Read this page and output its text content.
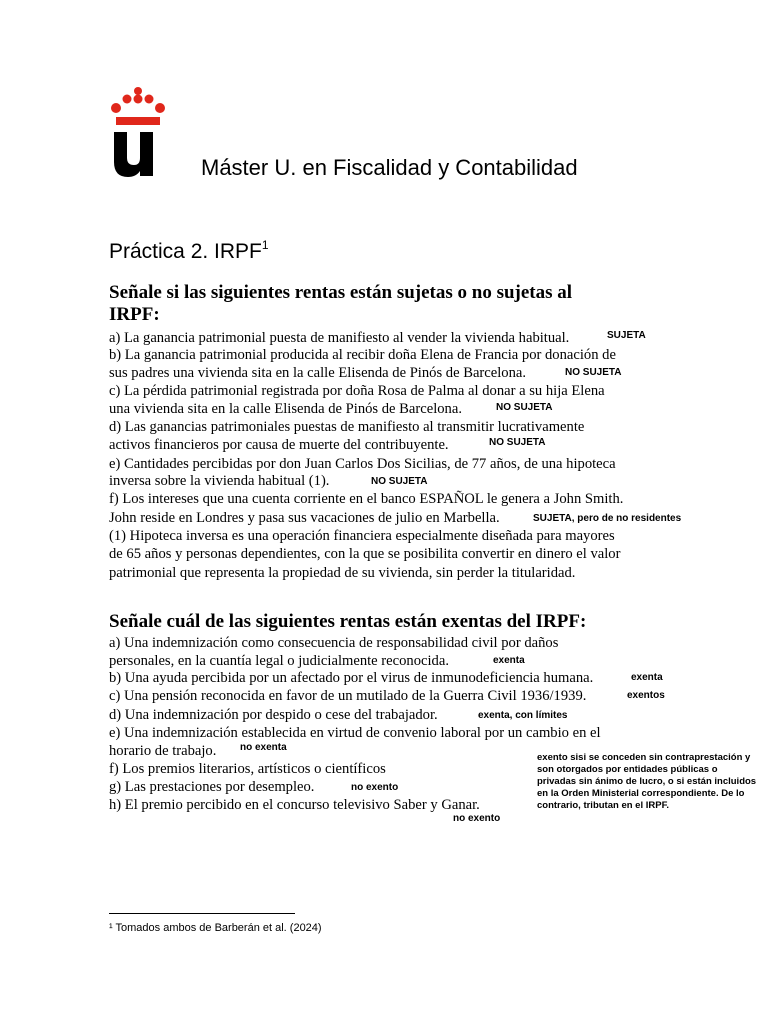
Máster U. en Fiscalidad y Contabilidad
Práctica 2. IRPF$^1$
Señale si las siguientes rentas están sujetas o no sujetas al
IRPF:
a) La ganancia patrimonial puesta de manifiesto al vender la vivienda habitual.
b) La ganancia patrimonial producida al recibir doña Elena de Francia por donación de
sus padres una vivienda sita en la calle Elisenda de Pinós de Barcelona.
c) La pérdida patrimonial registrada por doña Rosa de Palma al donar a su hija Elena
una vivienda sita en la calle Elisenda de Pinós de Barcelona.
d) Las ganancias patrimoniales puestas de manifiesto al transmitir lucrativamente
activos financieros por causa de muerte del contribuyente.
e) Cantidades percibidas por don Juan Carlos Dos Sicilias, de 77 años, de una hipoteca
inversa sobre la vivienda habitual (1).
f) Los intereses que una cuenta corriente en el banco ESPAÑOL le genera a John Smith.
John reside en Londres y pasa sus vacaciones de julio en Marbella.
(1) Hipoteca inversa es una operación financiera especialmente diseñada para mayores
de 65 años y personas dependientes, con la que se posibilita convertir en dinero el valor
patrimonial que representa la propiedad de su vivienda, sin perder la titularidad.
SUJETA
NO SUJETA
NO SUJETA
NO SUJETA
NO SUJETA
SUJETA, pero de no residentes
Señale cuál de las siguientes rentas están exentas del IRPF:
a) Una indemnización como consecuencia de responsabilidad civil por daños
personales, en la cuantía legal o judicialmente reconocida.
b) Una ayuda percibida por un afectado por el virus de inmunodeficiencia humana.
c) Una pensión reconocida en favor de un mutilado de la Guerra Civil 1936/1939.
d) Una indemnización por despido o cese del trabajador.
e) Una indemnización establecida en virtud de convenio laboral por un cambio en el
horario de trabajo.
f) Los premios literarios, artísticos o científicos
g) Las prestaciones por desempleo.
h) El premio percibido en el concurso televisivo Saber y Ganar.
exenta
exenta
exentos
exenta, con límites
no exenta
no exento
no exento
exento sisi se conceden sin contraprestación y son otorgados por entidades públicas o privadas sin ánimo de lucro, o si están incluidos en la Orden Ministerial correspondiente. De lo contrario, tributan en el IRPF.
¹ Tomados ambos de Barberán et al. (2024)
